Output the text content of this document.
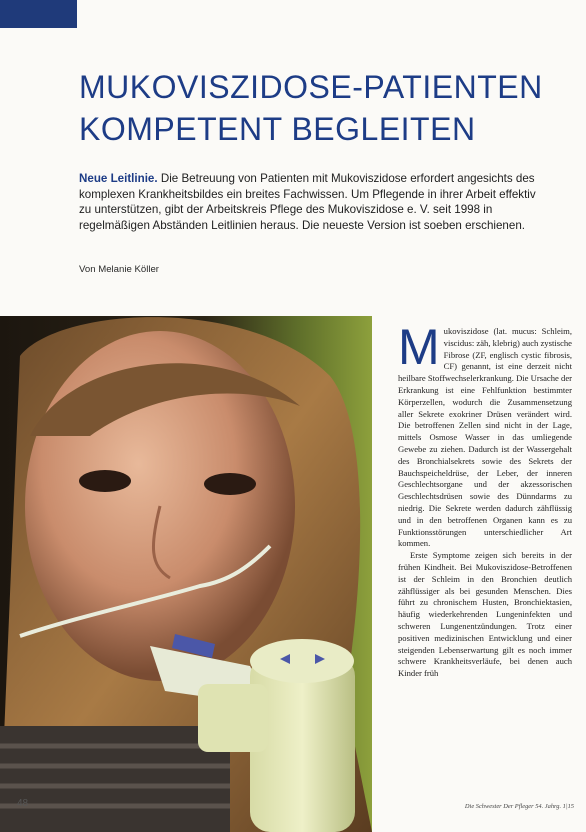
MUKOVISZIDOSE-PATIENTEN
KOMPETENT BEGLEITEN
Neue Leitlinie. Die Betreuung von Patienten mit Mukoviszidose erfordert angesichts des komplexen Krankheitsbildes ein breites Fachwissen. Um Pflegende in ihrer Arbeit effektiv zu unterstützen, gibt der Arbeitskreis Pflege des Mukoviszidose e. V. seit 1998 in regelmäßigen Abständen Leitlinien heraus. Die neueste Version ist soeben erschienen.
Von Melanie Köller

Mukoviszidose (lat. mucus: Schleim, viscidus: zäh, klebrig) auch zystische Fibrose (ZF, englisch cystic fibrosis, CF) genannt, ist eine derzeit nicht heilbare Stoffwechselerkrankung. Die Ursache der Erkrankung ist eine Fehlfunktion bestimmter Körperzellen, wodurch die Zusammensetzung aller Sekrete exokriner Drüsen verändert wird. Die betroffenen Zellen sind nicht in der Lage, mittels Osmose Wasser in das umliegende Gewebe zu ziehen. Dadurch ist der Wassergehalt des Bronchialsekrets sowie des Sekrets der Bauchspeicheldrüse, der Leber, der inneren Geschlechtsorgane und der akzessorischen Geschlechtsdrüsen sowie des Dünndarms zu niedrig. Die Sekrete werden dadurch zähflüssig und in den betroffenen Organen kann es zu Funktionsstörungen unterschiedlicher Art kommen.

Erste Symptome zeigen sich bereits in der frühen Kindheit. Bei Mukoviszidose-Betroffenen ist der Schleim in den Bronchien deutlich zähflüssiger als bei gesunden Menschen. Dies führt zu chronischem Husten, Bronchiektasien, häufig wiederkehrenden Lungeninfekten und schweren Lungenentzündungen. Trotz einer positiven medizinischen Entwicklung und einer steigenden Lebenserwartung gilt es noch immer schwere Krankheitsverläufe, bei denen auch Kinder früh

48	Die Schwester Der Pfleger 54. Jahrg. 1|15
